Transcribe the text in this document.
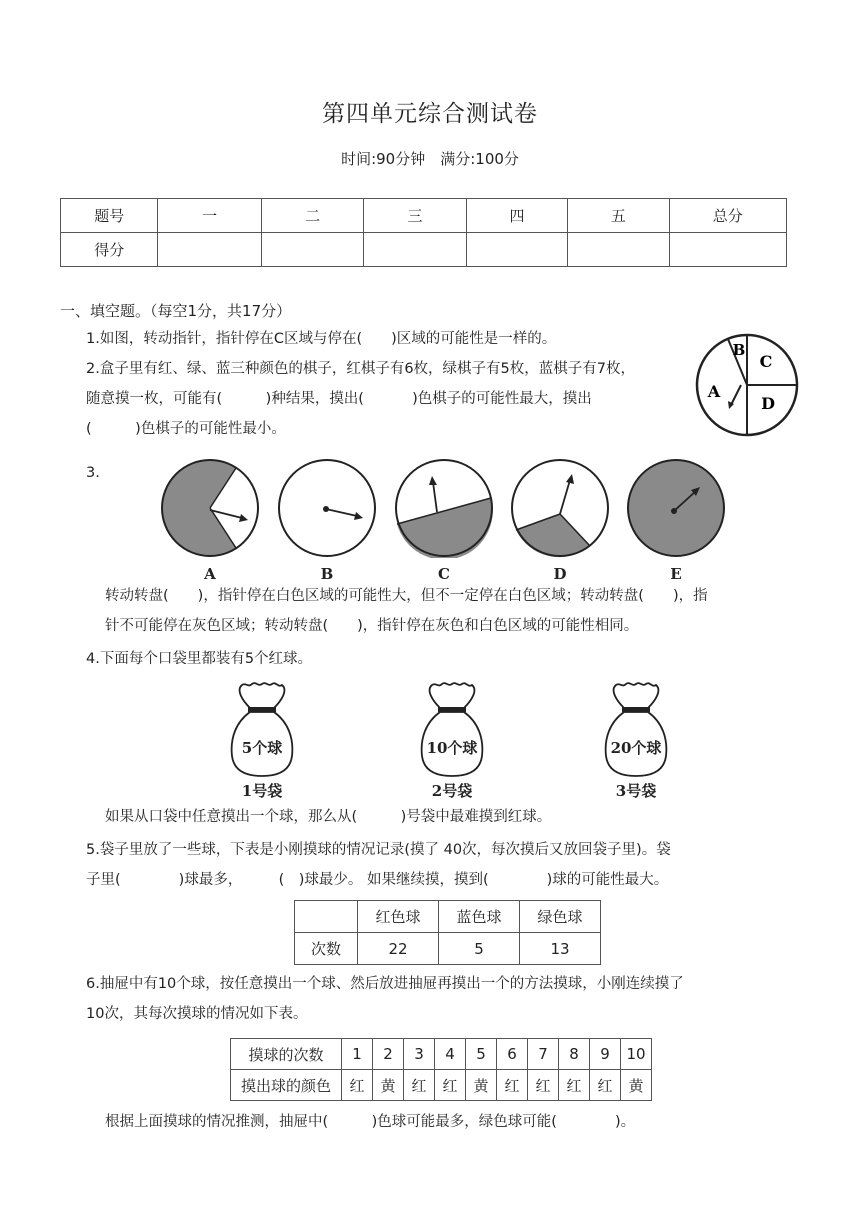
第四单元综合测试卷
时间:90分钟　满分:100分
题号	一	二	三	四	五	总分
得分						
一、填空题。（每空1分，共17分）
1.如图，转动指针，指针停在C区域与停在(　　)区域的可能性是一样的。
2.盒子里有红、绿、蓝三种颜色的棋子，红棋子有6枚，绿棋子有5枚，蓝棋子有7枚，
随意摸一枚，可能有(　　　)种结果，摸出(　　　 )色棋子的可能性最大，摸出
(　　　)色棋子的可能性最小。
B
C
A
D
3.
A	B	C	D	E
转动转盘(　　)，指针停在白色区域的可能性大，但不一定停在白色区域；转动转盘(　　)，指
针不可能停在灰色区域；转动转盘(　　)，指针停在灰色和白色区域的可能性相同。
4.下面每个口袋里都装有5个红球。
5个球	10个球	20个球
1号袋	2号袋	3号袋
如果从口袋中任意摸出一个球，那么从(　　　)号袋中最难摸到红球。
5.袋子里放了一些球，下表是小刚摸球的情况记录(摸了 40次，每次摸后又放回袋子里)。袋
子里(　　　　)球最多，　　　(　)球最少。 如果继续摸，摸到(　　　　)球的可能性最大。
	红色球	蓝色球	绿色球
次数	22	5	13
6.抽屉中有10个球，按任意摸出一个球、然后放进抽屉再摸出一个的方法摸球，小刚连续摸了
10次，其每次摸球的情况如下表。
摸球的次数	1	2	3	4	5	6	7	8	9	10
摸出球的颜色	红	黄	红	红	黄	红	红	红	红	黄
根据上面摸球的情况推测，抽屉中(　　　)色球可能最多，绿色球可能(　　　　)。
